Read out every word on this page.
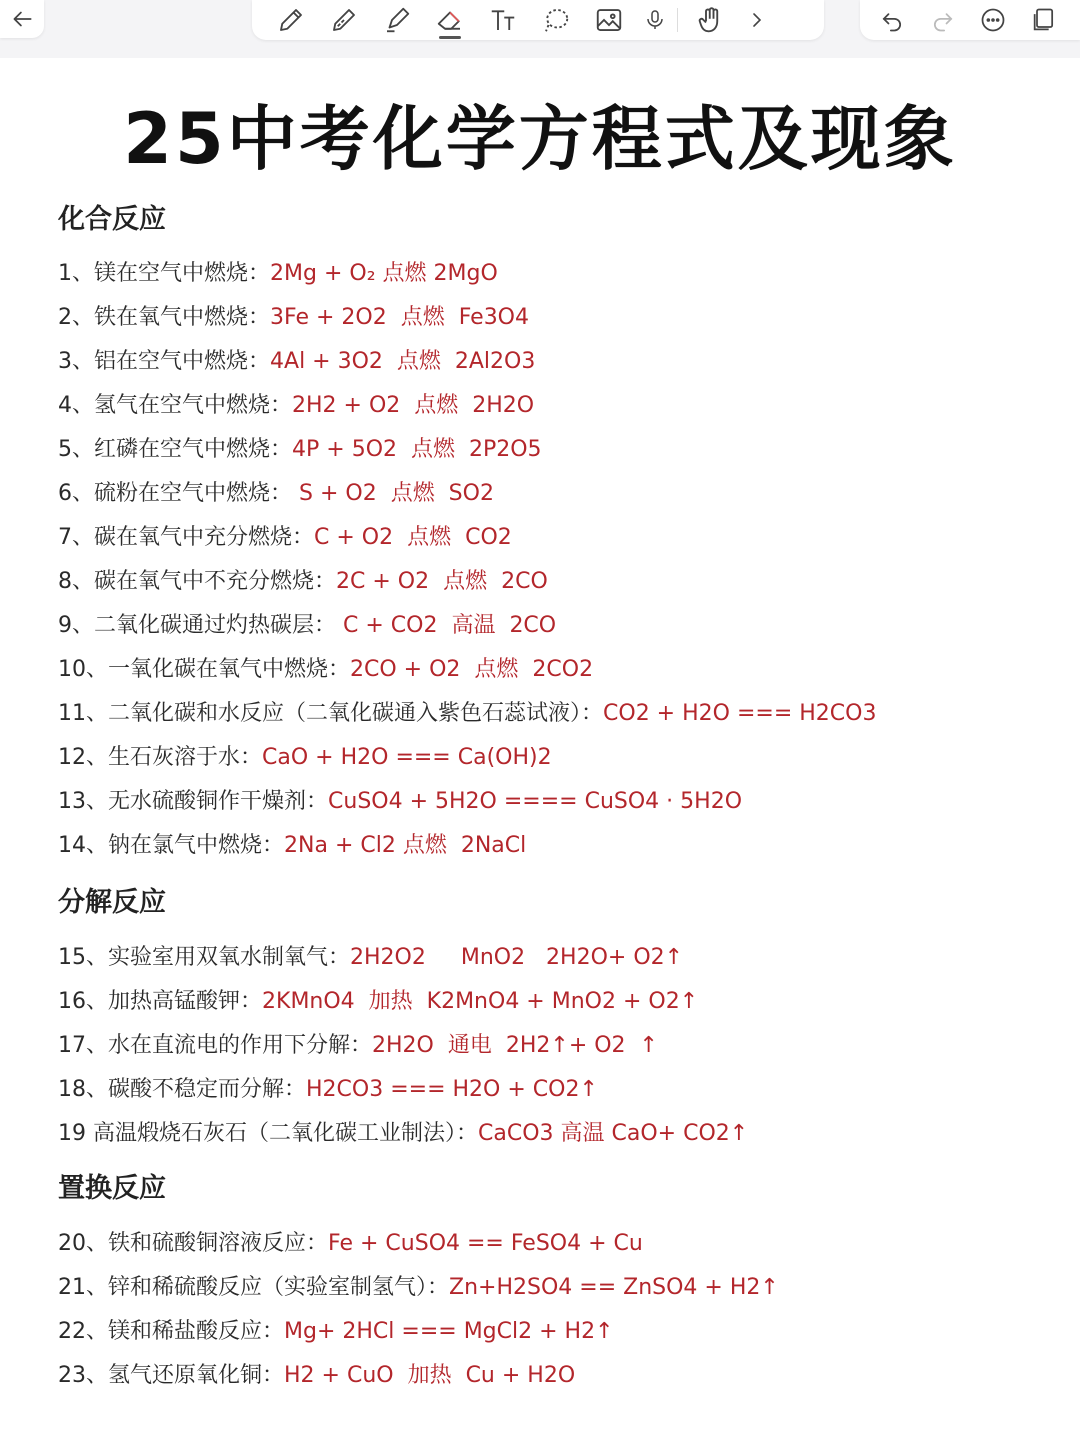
25中考化学方程式及现象
化合反应
1、镁在空气中燃烧：2Mg + O₂ 点燃 2MgO
2、铁在氧气中燃烧：3Fe + 2O2  点燃  Fe3O4
3、铝在空气中燃烧：4Al + 3O2  点燃  2Al2O3
4、氢气在空气中燃烧：2H2 + O2  点燃  2H2O
5、红磷在空气中燃烧：4P + 5O2  点燃  2P2O5
6、硫粉在空气中燃烧： S + O2  点燃  SO2
7、碳在氧气中充分燃烧：C + O2  点燃  CO2
8、碳在氧气中不充分燃烧：2C + O2  点燃  2CO
9、二氧化碳通过灼热碳层： C + CO2  高温  2CO
10、一氧化碳在氧气中燃烧：2CO + O2  点燃  2CO2
11、二氧化碳和水反应（二氧化碳通入紫色石蕊试液）：CO2 + H2O === H2CO3
12、生石灰溶于水：CaO + H2O === Ca(OH)2
13、无水硫酸铜作干燥剂：CuSO4 + 5H2O ==== CuSO4 · 5H2O
14、钠在氯气中燃烧：2Na + Cl2 点燃  2NaCl
分解反应
15、实验室用双氧水制氧气：2H2O2     MnO2   2H2O+ O2↑
16、加热高锰酸钾：2KMnO4  加热  K2MnO4 + MnO2 + O2↑
17、水在直流电的作用下分解：2H2O  通电  2H2↑+ O2  ↑
18、碳酸不稳定而分解：H2CO3 === H2O + CO2↑
19 高温煅烧石灰石（二氧化碳工业制法）：CaCO3 高温 CaO+ CO2↑
置换反应
20、铁和硫酸铜溶液反应：Fe + CuSO4 == FeSO4 + Cu
21、锌和稀硫酸反应（实验室制氢气）：Zn+H2SO4 == ZnSO4 + H2↑
22、镁和稀盐酸反应：Mg+ 2HCl === MgCl2 + H2↑
23、氢气还原氧化铜：H2 + CuO  加热  Cu + H2O
